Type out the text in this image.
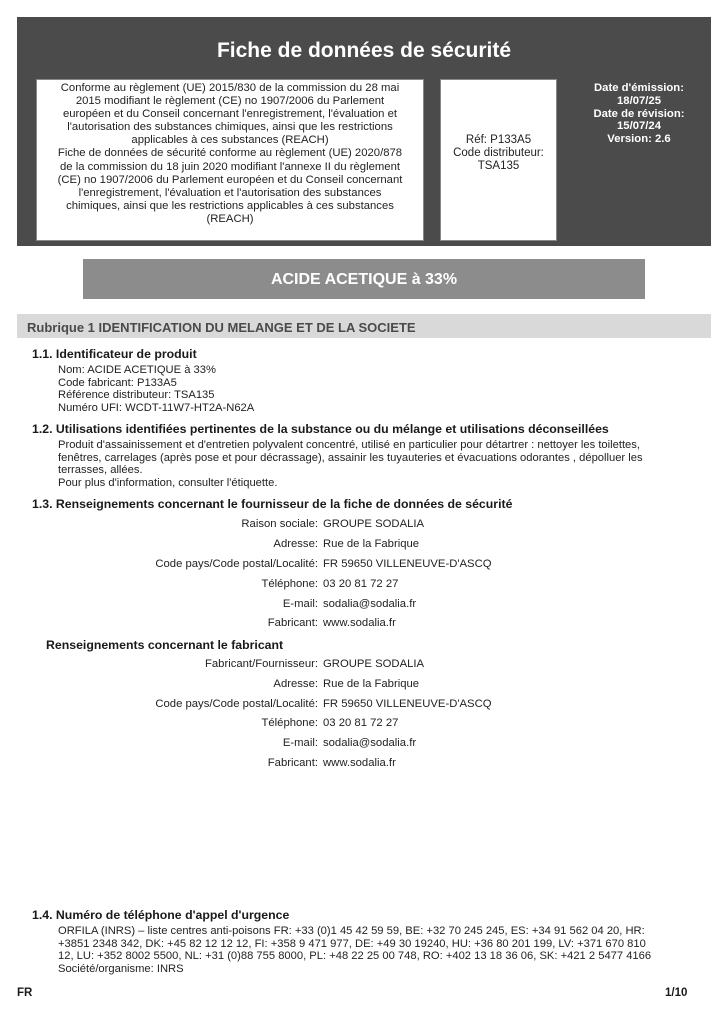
Fiche de données de sécurité

Conforme au règlement (UE) 2015/830 de la commission du 28 mai

2015 modifiant le règlement (CE) no 1907/2006 du Parlement

européen et du Conseil concernant l'enregistrement, l'évaluation et

l'autorisation des substances chimiques, ainsi que les restrictions

applicables à ces substances (REACH)

Fiche de données de sécurité conforme au règlement (UE) 2020/878

de la commission du 18 juin 2020 modifiant l'annexe II du règlement

(CE) no 1907/2006 du Parlement européen et du Conseil concernant

l'enregistrement, l'évaluation et l'autorisation des substances

chimiques, ainsi que les restrictions applicables à ces substances

(REACH)

Réf: P133A5
Code distributeur:
TSA135
Date d'émission:
18/07/25
Date de révision:
15/07/24
Version: 2.6
ACIDE ACETIQUE à 33%
Rubrique 1 IDENTIFICATION DU MELANGE ET DE LA SOCIETE
1.1. Identificateur de produit

Nom: ACIDE ACETIQUE à 33%

Code fabricant: P133A5

Référence distributeur: TSA135

Numéro UFI: WCDT-11W7-HT2A-N62A

1.2. Utilisations identifiées pertinentes de la substance ou du mélange et utilisations déconseillées

Produit d'assainissement et d'entretien polyvalent concentré, utilisé en particulier pour détartrer : nettoyer les toilettes,

fenêtres, carrelages (après pose et pour décrassage), assainir les tuyauteries et évacuations odorantes , dépolluer les

terrasses, allées.

Pour plus d'information, consulter l'étiquette.

1.3. Renseignements concernant le fournisseur de la fiche de données de sécurité
Raison sociale: GROUPE SODALIA
Adresse: Rue de la Fabrique
Code pays/Code postal/Localité: FR 59650 VILLENEUVE-D'ASCQ
Téléphone: 03 20 81 72 27
E-mail: sodalia@sodalia.fr
Fabricant: www.sodalia.fr
Renseignements concernant le fabricant
Fabricant/Fournisseur: GROUPE SODALIA
Adresse: Rue de la Fabrique
Code pays/Code postal/Localité: FR 59650 VILLENEUVE-D'ASCQ
Téléphone: 03 20 81 72 27
E-mail: sodalia@sodalia.fr
Fabricant: www.sodalia.fr
1.4. Numéro de téléphone d'appel d'urgence

ORFILA (INRS) – liste centres anti-poisons FR: +33 (0)1 45 42 59 59, BE: +32 70 245 245, ES: +34 91 562 04 20, HR:

+3851 2348 342, DK: +45 82 12 12 12, FI: +358 9 471 977, DE: +49 30 19240, HU: +36 80 201 199, LV: +371 670 810

12, LU: +352 8002 5500, NL: +31 (0)88 755 8000, PL: +48 22 25 00 748, RO: +402 13 18 36 06, SK: +421 2 5477 4166

Société/organisme: INRS

FR	1/10
